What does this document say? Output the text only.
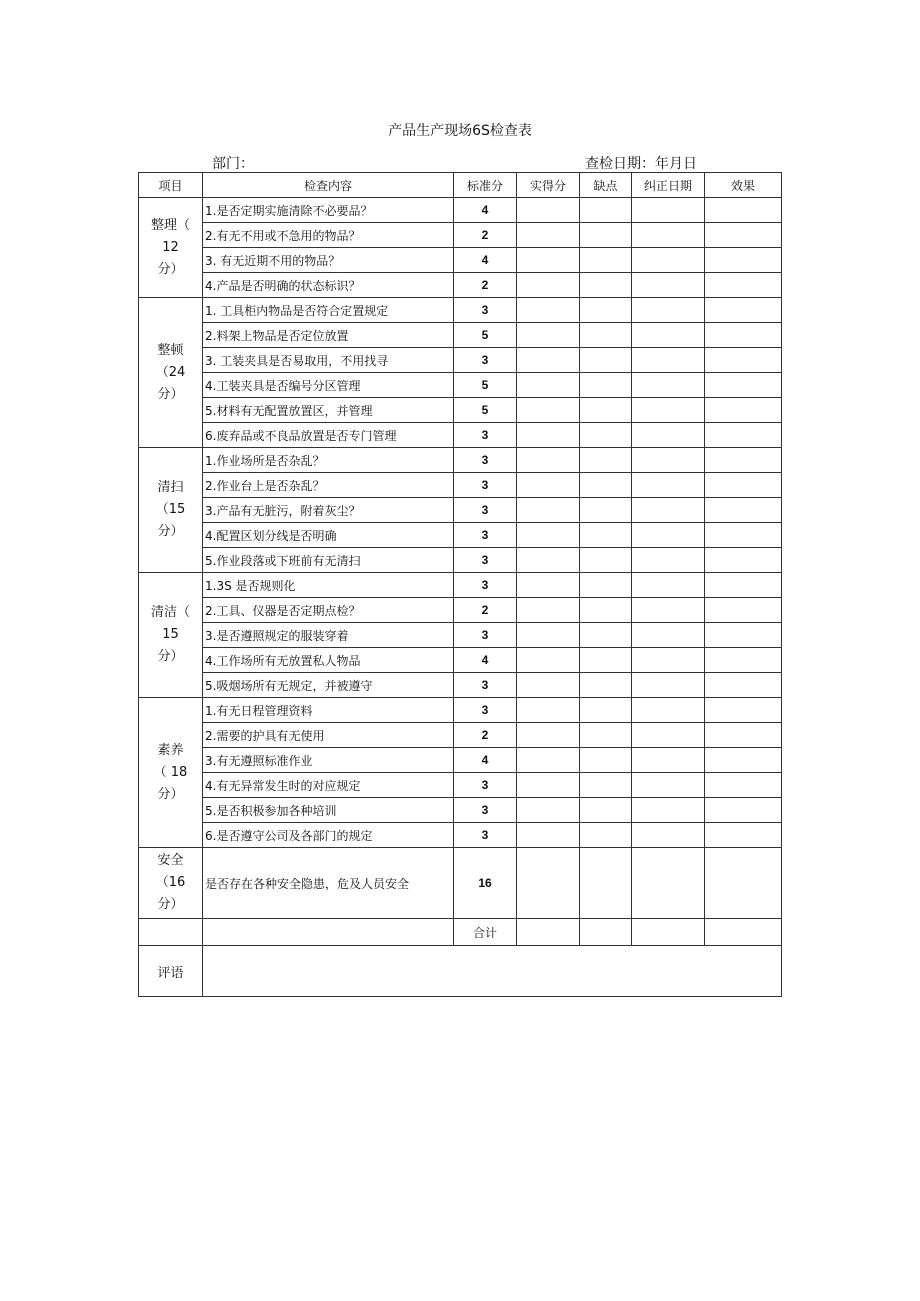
产品生产现场6S检查表
部门：	查检日期：年月日
项目	检查内容	标准分	实得分	缺点	纠正日期	效果

整理（
12
分）	1.是否定期实施清除不必要品？	4				
	2.有无不用或不急用的物品？	2				
	3. 有无近期不用的物品？	4				
	4.产品是否明确的状态标识？	2				

整顿
（24
分）	1. 工具柜内物品是否符合定置规定	3				
	2.料架上物品是否定位放置	5				
	3. 工装夹具是否易取用，不用找寻	3				
	4.工装夹具是否编号分区管理	5				
	5.材料有无配置放置区，并管理	5				
	6.废弃品或不良品放置是否专门管理	3				

清扫
（15
分）	1.作业场所是否杂乱？	3				
	2.作业台上是否杂乱？	3				
	3.产品有无脏污，附着灰尘？	3				
	4.配置区划分线是否明确	3				
	5.作业段落或下班前有无清扫	3				

清洁（
15
分）	1.3S 是否规则化	3				
	2.工具、仪器是否定期点检？	2				
	3.是否遵照规定的服装穿着	3				
	4.工作场所有无放置私人物品	4				
	5.吸烟场所有无规定，并被遵守	3				

素养
（ 18
分）	1.有无日程管理资料	3				
	2.需要的护具有无使用	2				
	3.有无遵照标准作业	4				
	4.有无异常发生时的对应规定	3				
	5.是否积极参加各种培训	3				
	6.是否遵守公司及各部门的规定	3				

安全
（16
分）	是否存在各种安全隐患，危及人员安全	16				
		合计				
评语						
